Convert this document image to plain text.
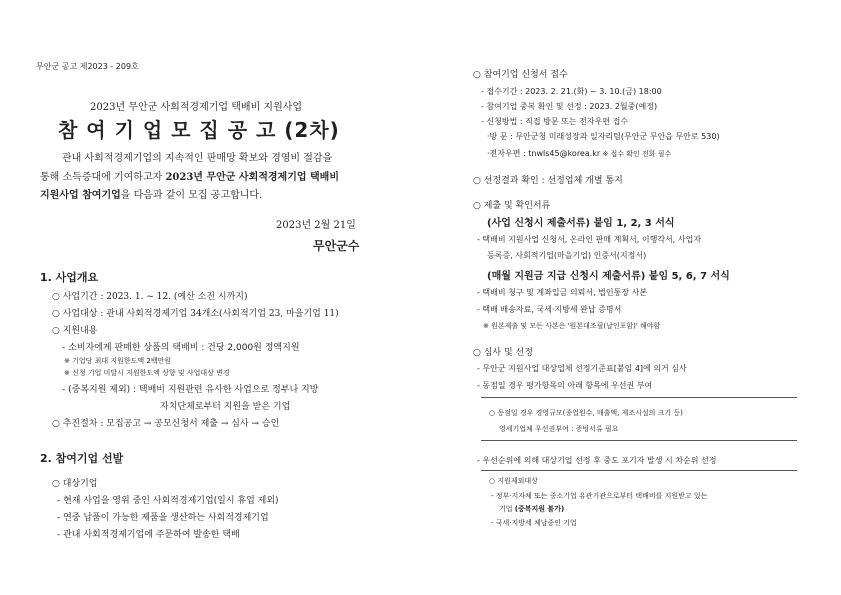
무안군 공고 제2023 - 209호
2023년 무안군 사회적경제기업 택배비 지원사업
참 여 기 업 모 집 공 고 (2차)
관내 사회적경제기업의 지속적인 판매망 확보와 경영비 절감을
통해 소득증대에 기여하고자 2023년 무안군 사회적경제기업 택배비
지원사업 참여기업을 다음과 같이 모집 공고합니다.
2023년 2월 21일
무안군수
1. 사업개요
○ 사업기간 : 2023. 1. ~ 12. (예산 소진 시까지)
○ 사업대상 : 관내 사회적경제기업 34개소(사회적기업 23, 마을기업 11)
○ 지원내용
- 소비자에게 판매한 상품의 택배비 : 건당 2,000원 정액지원
※ 기업당 최대 지원한도액 2백만원
※ 신청 기업 미달시 지원한도액 상향 및 사업대상 변경
- (중복지원 제외) : 택배비 지원관련 유사한 사업으로 정부나 지방
자치단체로부터 지원을 받은 기업
○ 추진절차 : 모집공고 → 공모신청서 제출 → 심사 → 승인
2. 참여기업 선발
○ 대상기업
- 현재 사업을 영위 중인 사회적경제기업(일시 휴업 제외)
- 연중 납품이 가능한 제품을 생산하는 사회적경제기업
- 관내 사회적경제기업에 주문하여 발송한 택배
○ 참여기업 신청서 접수
- 접수기간 : 2023. 2. 21.(화) ~ 3. 10.(금) 18:00
- 참여기업 중복 확인 및 선정 : 2023. 2월중(예정)
- 신청방법 : 직접 방문 또는 전자우편 접수
·방 문 : 무안군청 미래성장과 일자리팀(무안군 무안읍 무안로 530)
·전자우편 : tnwls45@korea.kr ※ 접수 확인 전화 필수
○ 선정결과 확인 : 선정업체 개별 통지
○ 제출 및 확인서류
(사업 신청시 제출서류) 붙임 1, 2, 3 서식
- 택배비 지원사업 신청서, 온라인 판매 계획서, 이행각서, 사업자
등록증, 사회적기업(마을기업) 인증서(지정서)
(매월 지원금 지급 신청시 제출서류) 붙임 5, 6, 7 서식
- 택배비 청구 및 계좌입금 의뢰서, 법인통장 사본
- 택배 배송자료, 국세·지방세 완납 증명서
※ 원본제출 및 모든 사본은 '원본대조필(날인포함)' 해야함
○ 심사 및 선정
- 무안군 지원사업 대상업체 선정기준표[붙임 4]에 의거 심사
- 동점일 경우 평가항목의 아래 항목에 우선권 부여
○ 동점일 경우 경영규모(종업원수, 매출액, 제조시설의 크기 등)
영세기업체 우선권부여 : 증빙서류 필요
- 우선순위에 의해 대상기업 선정 후 중도 포기자 발생 시 차순위 선정
○ 지원제외대상
- 정부·지자체 또는 중소기업 유관기관으로부터 택배비를 지원받고 있는
기업 (중복지원 불가)
- 국세·지방세 체납중인 기업
